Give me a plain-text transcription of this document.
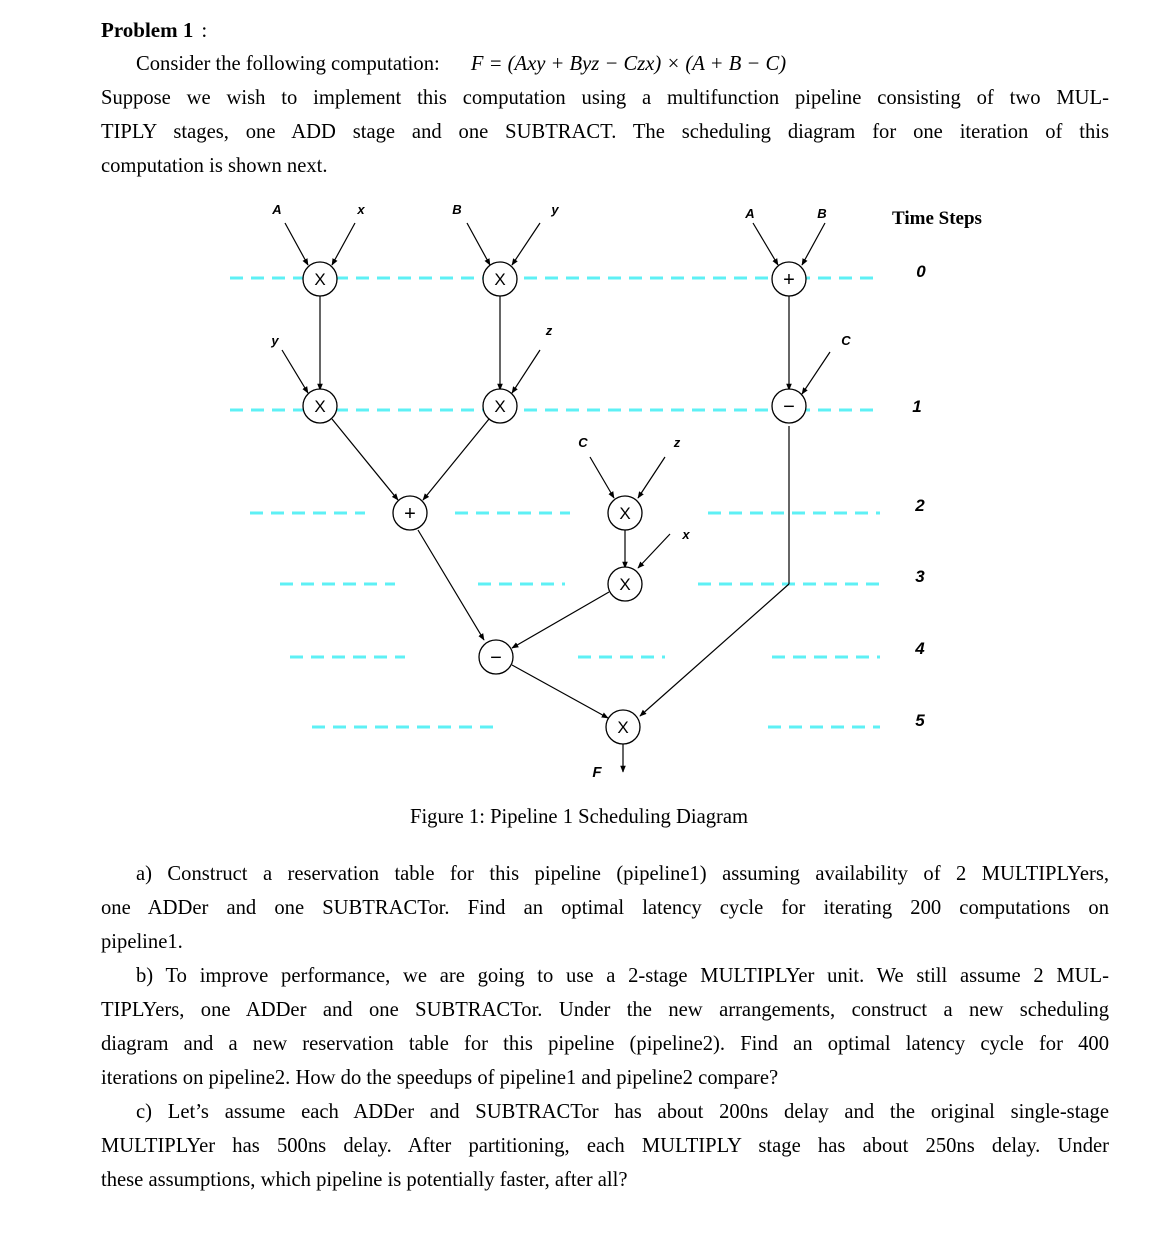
Problem 1 :
Consider the following computation: F = (Axy + Byz − Czx) × (A + B − C)
Suppose we wish to implement this computation using a multifunction pipeline consisting of two MUL-
TIPLY stages, one ADD stage and one SUBTRACT. The scheduling diagram for one iteration of this
computation is shown next.
X	X	+
X	X	−
+	X
X
−
X
A	x	B	y	A	B
y
z
C
C	z
x
F
Time Steps
0
1
2
3
4
5
Figure 1: Pipeline 1 Scheduling Diagram
a) Construct a reservation table for this pipeline (pipeline1) assuming availability of 2 MULTIPLYers,
one ADDer and one SUBTRACTor. Find an optimal latency cycle for iterating 200 computations on
pipeline1.
b) To improve performance, we are going to use a 2-stage MULTIPLYer unit. We still assume 2 MUL-
TIPLYers, one ADDer and one SUBTRACTor. Under the new arrangements, construct a new scheduling
diagram and a new reservation table for this pipeline (pipeline2). Find an optimal latency cycle for 400
iterations on pipeline2. How do the speedups of pipeline1 and pipeline2 compare?
c) Let’s assume each ADDer and SUBTRACTor has about 200ns delay and the original single-stage
MULTIPLYer has 500ns delay. After partitioning, each MULTIPLY stage has about 250ns delay. Under
these assumptions, which pipeline is potentially faster, after all?
